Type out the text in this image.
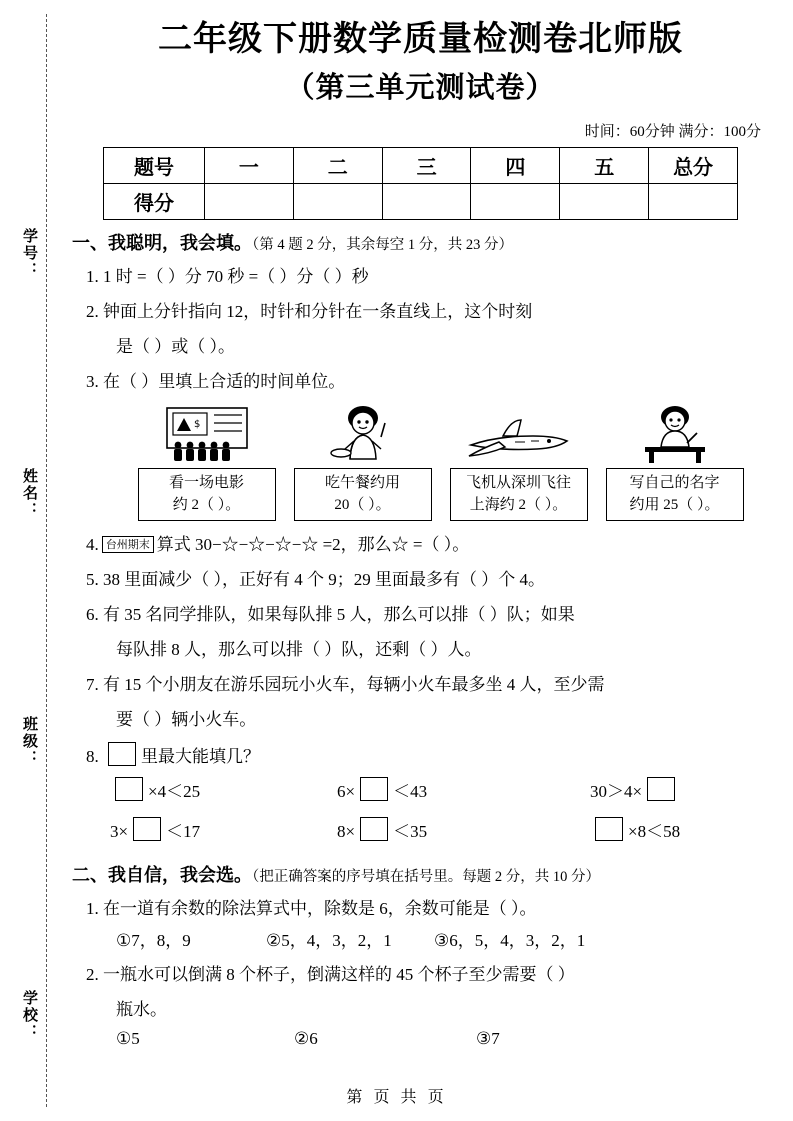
学号：
姓名：
班级：
学校：
二年级下册数学质量检测卷北师版
（第三单元测试卷）
时间：60分钟 满分：100分
题号	一	二	三	四	五	总分
得分						
一、我聪明，我会填。（第 4 题 2 分，其余每空 1 分，共 23 分）
1. 1 时 =（ ）分 70 秒 =（ ）分（ ）秒
2. 钟面上分针指向 12，时针和分针在一条直线上，这个时刻
是（ ）或（ ）。
3. 在（ ）里填上合适的时间单位。
$
看一场电影
约 2（ ）。
吃午餐约用
20（ ）。
飞机从深圳飞往
上海约 2（ ）。
写自己的名字
约用 25（ ）。
4. 台州期末 算式 30−☆−☆−☆−☆ =2，那么☆ =（ ）。
5. 38 里面减少（ ），正好有 4 个 9；29 里面最多有（ ）个 4。
6. 有 35 名同学排队，如果每队排 5 人，那么可以排（ ）队；如果
每队排 8 人，那么可以排（ ）队，还剩（ ）人。
7. 有 15 个小朋友在游乐园玩小火车，每辆小火车最多坐 4 人，至少需
要（ ）辆小火车。
8. 里最大能填几？
×4＜25	6× ＜43	30＞4×
3× ＜17	8× ＜35	×8＜58
二、我自信，我会选。（把正确答案的序号填在括号里。每题 2 分，共 10 分）
1. 在一道有余数的除法算式中，除数是 6，余数可能是（ ）。
①7，8，9	②5，4，3，2，1	③6，5，4，3，2，1
2. 一瓶水可以倒满 8 个杯子，倒满这样的 45 个杯子至少需要（ ）
瓶水。
①5	②6	③7
第 页 共 页
